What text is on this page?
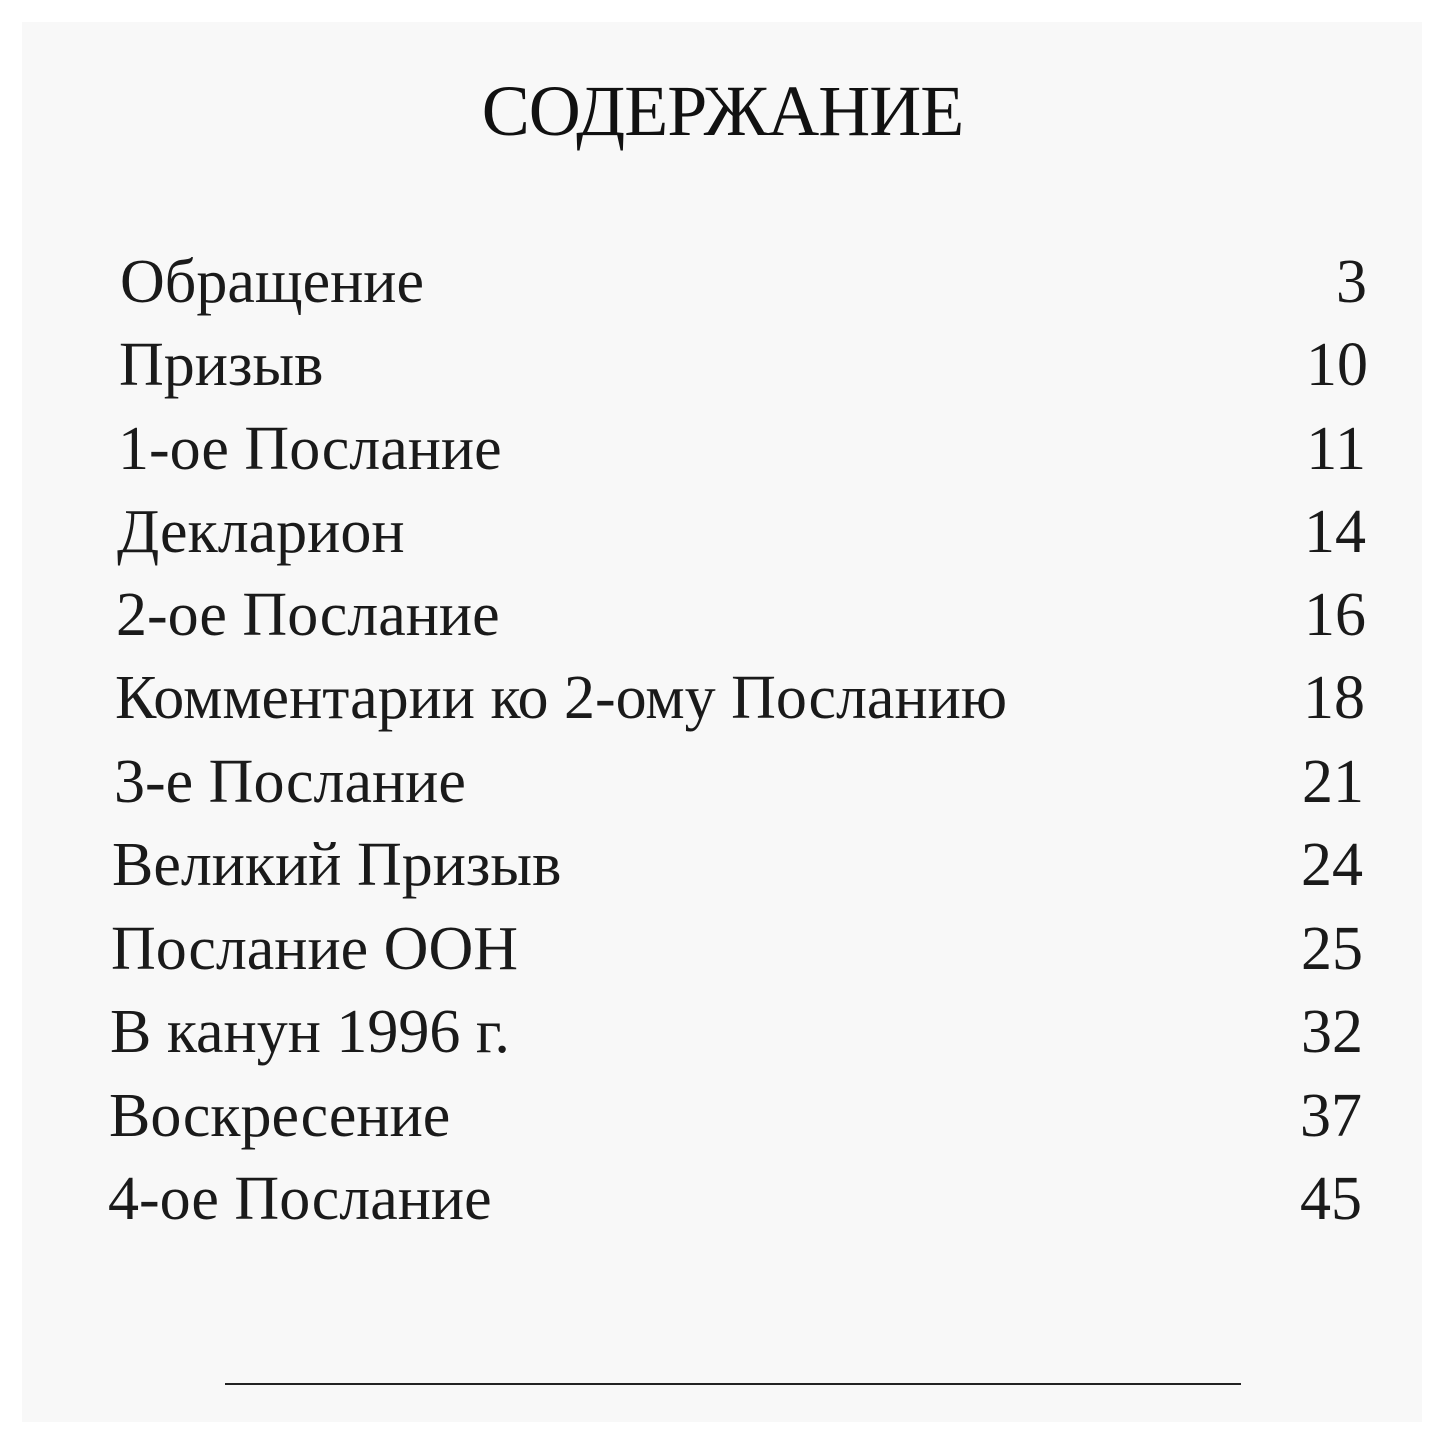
СОДЕРЖАНИЕ
Обращение	3
Призыв	10
1-ое Послание	11
Декларион	14
2-ое Послание	16
Комментарии ко 2-ому Посланию	18
3-е Послание	21
Великий Призыв	24
Послание ООН	25
В канун 1996 г.	32
Воскресение	37
4-ое Послание	45
